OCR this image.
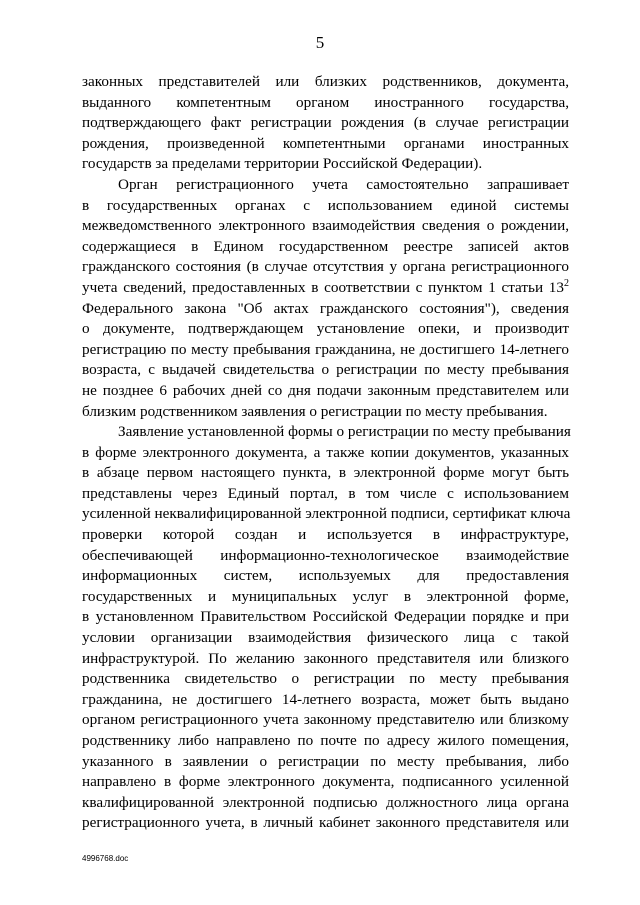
5
законных представителей или близких родственников, документа,
выданного компетентным органом иностранного государства,
подтверждающего факт регистрации рождения (в случае регистрации
рождения, произведенной компетентными органами иностранных
государств за пределами территории Российской Федерации).
Орган регистрационного учета самостоятельно запрашивает
в государственных органах с использованием единой системы
межведомственного электронного взаимодействия сведения о рождении,
содержащиеся в Едином государственном реестре записей актов
гражданского состояния (в случае отсутствия у органа регистрационного
учета сведений, предоставленных в соответствии с пунктом 1 статьи $13^2$
Федерального закона "Об актах гражданского состояния"), сведения
о документе, подтверждающем установление опеки, и производит
регистрацию по месту пребывания гражданина, не достигшего 14-летнего
возраста, с выдачей свидетельства о регистрации по месту пребывания
не позднее 6 рабочих дней со дня подачи законным представителем или
близким родственником заявления о регистрации по месту пребывания.
Заявление установленной формы о регистрации по месту пребывания
в форме электронного документа, а также копии документов, указанных
в абзаце первом настоящего пункта, в электронной форме могут быть
представлены через Единый портал, в том числе с использованием
усиленной неквалифицированной электронной подписи, сертификат ключа
проверки которой создан и используется в инфраструктуре,
обеспечивающей информационно-технологическое взаимодействие
информационных систем, используемых для предоставления
государственных и муниципальных услуг в электронной форме,
в установленном Правительством Российской Федерации порядке и при
условии организации взаимодействия физического лица с такой
инфраструктурой. По желанию законного представителя или близкого
родственника свидетельство о регистрации по месту пребывания
гражданина, не достигшего 14-летнего возраста, может быть выдано
органом регистрационного учета законному представителю или близкому
родственнику либо направлено по почте по адресу жилого помещения,
указанного в заявлении о регистрации по месту пребывания, либо
направлено в форме электронного документа, подписанного усиленной
квалифицированной электронной подписью должностного лица органа
регистрационного учета, в личный кабинет законного представителя или
4996768.doc
